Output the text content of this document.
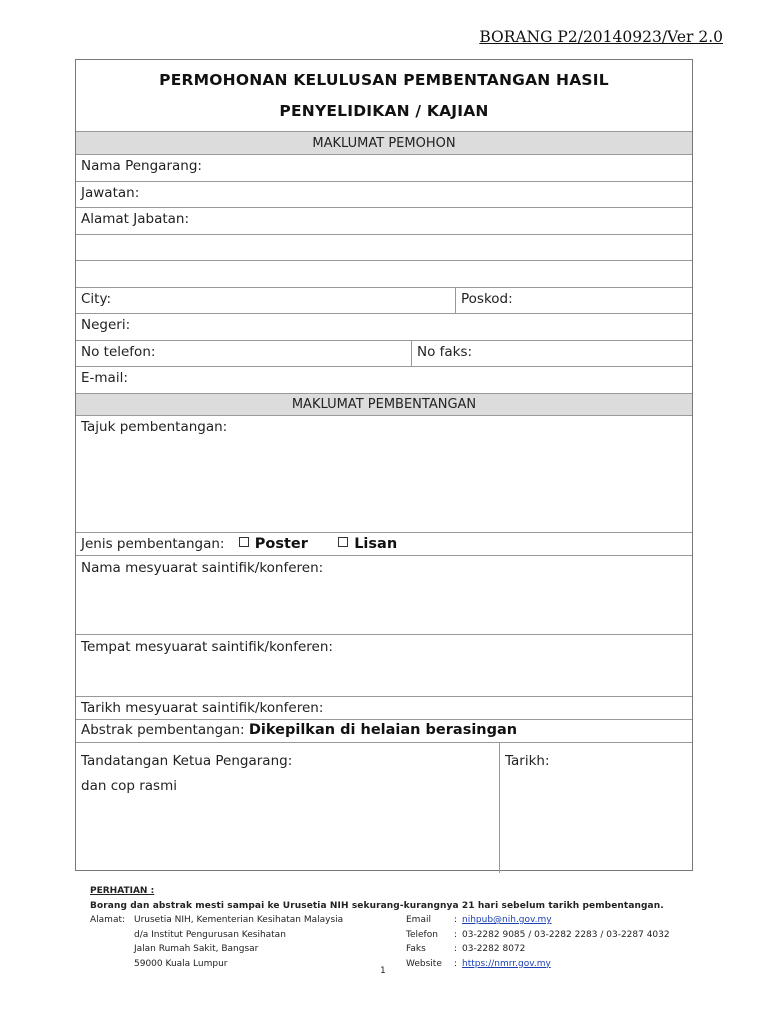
BORANG P2/20140923/Ver 2.0
PERMOHONAN KELULUSAN PEMBENTANGAN HASIL
PENYELIDIKAN / KAJIAN
MAKLUMAT PEMOHON
Nama Pengarang:
Jawatan:
Alamat Jabatan:
City:	Poskod:
Negeri:
No telefon:	No faks:
E-mail:
MAKLUMAT PEMBENTANGAN
Tajuk pembentangan:
Jenis pembentangan: Poster	Lisan
Nama mesyuarat saintifik/konferen:
Tempat mesyuarat saintifik/konferen:
Tarikh mesyuarat saintifik/konferen:
Abstrak pembentangan: Dikepilkan di helaian berasingan
Tandatangan Ketua Pengarang:
dan cop rasmi
Tarikh:
PERHATIAN :
Borang dan abstrak mesti sampai ke Urusetia NIH sekurang-kurangnya 21 hari sebelum tarikh pembentangan.
Alamat: Urusetia NIH, Kementerian Kesihatan Malaysia	Email	: nihpub@nih.gov.my
d/a Institut Pengurusan Kesihatan	Telefon	: 03-2282 9085 / 03-2282 2283 / 03-2287 4032
Jalan Rumah Sakit, Bangsar	Faks	: 03-2282 8072
59000 Kuala Lumpur	Website	: https://nmrr.gov.my
1
